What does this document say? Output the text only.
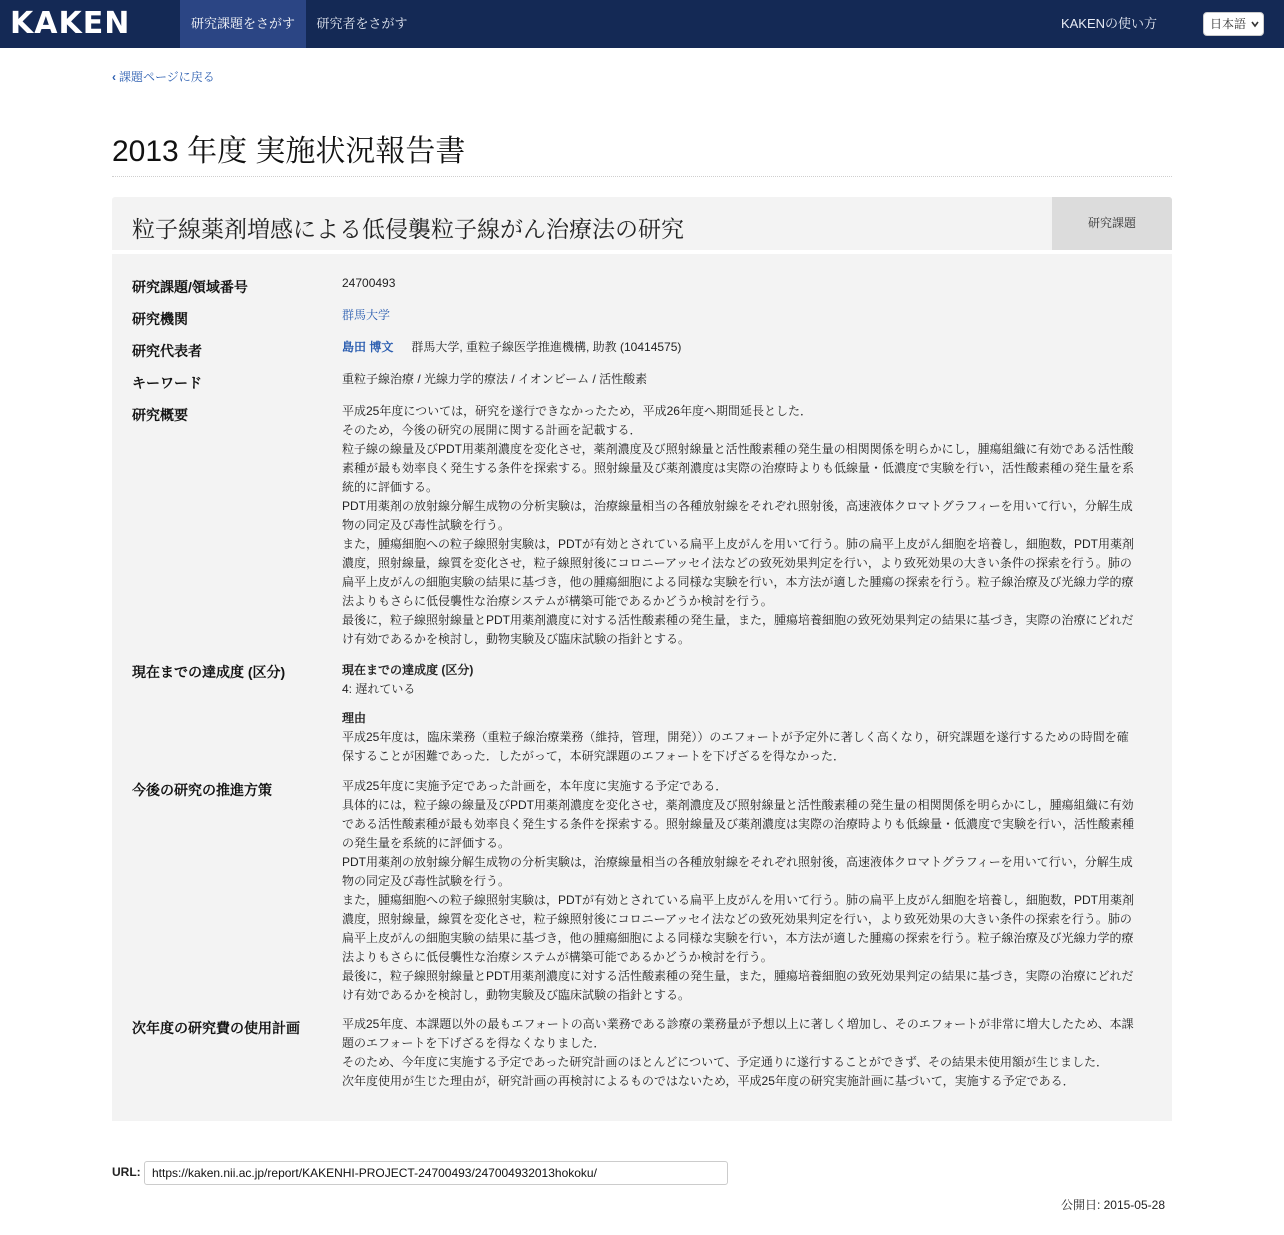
KAKEN	研究課題をさがす	研究者をさがす	KAKENの使い方	日本語
‹ 課題ページに戻る
2013 年度 実施状況報告書
粒子線薬剤増感による低侵襲粒子線がん治療法の研究	研究課題
研究課題/領域番号	24700493
研究機関	群馬大学
研究代表者	島田 博文 群馬大学, 重粒子線医学推進機構, 助教 (10414575)
キーワード	重粒子線治療 / 光線力学的療法 / イオンビーム / 活性酸素
研究概要	平成25年度については，研究を遂行できなかったため，平成26年度へ期間延長とした．
そのため，今後の研究の展開に関する計画を記載する．
粒子線の線量及びPDT用薬剤濃度を変化させ，薬剤濃度及び照射線量と活性酸素種の発生量の相関関係を明らかにし，腫瘍組織に有効である活性酸素種が最も効率良く発生する条件を探索する。照射線量及び薬剤濃度は実際の治療時よりも低線量・低濃度で実験を行い，活性酸素種の発生量を系統的に評価する。
PDT用薬剤の放射線分解生成物の分析実験は，治療線量相当の各種放射線をそれぞれ照射後，高速液体クロマトグラフィーを用いて行い，分解生成物の同定及び毒性試験を行う。
また，腫瘍細胞への粒子線照射実験は，PDTが有効とされている扁平上皮がんを用いて行う。肺の扁平上皮がん細胞を培養し，細胞数，PDT用薬剤濃度，照射線量，線質を変化させ，粒子線照射後にコロニーアッセイ法などの致死効果判定を行い，より致死効果の大きい条件の探索を行う。肺の扁平上皮がんの細胞実験の結果に基づき，他の腫瘍細胞による同様な実験を行い，本方法が適した腫瘍の探索を行う。粒子線治療及び光線力学的療法よりもさらに低侵襲性な治療システムが構築可能であるかどうか検討を行う。
最後に，粒子線照射線量とPDT用薬剤濃度に対する活性酸素種の発生量，また，腫瘍培養細胞の致死効果判定の結果に基づき，実際の治療にどれだけ有効であるかを検討し，動物実験及び臨床試験の指針とする。
現在までの達成度 (区分)	現在までの達成度 (区分)
4: 遅れている
理由
平成25年度は，臨床業務（重粒子線治療業務（維持，管理，開発））のエフォートが予定外に著しく高くなり，研究課題を遂行するための時間を確保することが困難であった．したがって，本研究課題のエフォートを下げざるを得なかった．
今後の研究の推進方策	平成25年度に実施予定であった計画を，本年度に実施する予定である．
具体的には，粒子線の線量及びPDT用薬剤濃度を変化させ，薬剤濃度及び照射線量と活性酸素種の発生量の相関関係を明らかにし，腫瘍組織に有効である活性酸素種が最も効率良く発生する条件を探索する。照射線量及び薬剤濃度は実際の治療時よりも低線量・低濃度で実験を行い，活性酸素種の発生量を系統的に評価する。
PDT用薬剤の放射線分解生成物の分析実験は，治療線量相当の各種放射線をそれぞれ照射後，高速液体クロマトグラフィーを用いて行い，分解生成物の同定及び毒性試験を行う。
また，腫瘍細胞への粒子線照射実験は，PDTが有効とされている扁平上皮がんを用いて行う。肺の扁平上皮がん細胞を培養し，細胞数，PDT用薬剤濃度，照射線量，線質を変化させ，粒子線照射後にコロニーアッセイ法などの致死効果判定を行い，より致死効果の大きい条件の探索を行う。肺の扁平上皮がんの細胞実験の結果に基づき，他の腫瘍細胞による同様な実験を行い，本方法が適した腫瘍の探索を行う。粒子線治療及び光線力学的療法よりもさらに低侵襲性な治療システムが構築可能であるかどうか検討を行う。
最後に，粒子線照射線量とPDT用薬剤濃度に対する活性酸素種の発生量，また，腫瘍培養細胞の致死効果判定の結果に基づき，実際の治療にどれだけ有効であるかを検討し，動物実験及び臨床試験の指針とする。
次年度の研究費の使用計画	平成25年度、本課題以外の最もエフォートの高い業務である診療の業務量が予想以上に著しく増加し、そのエフォートが非常に増大したため、本課題のエフォートを下げざるを得なくなりました．
そのため、今年度に実施する予定であった研究計画のほとんどについて、予定通りに遂行することができず、その結果未使用額が生じました．
次年度使用が生じた理由が，研究計画の再検討によるものではないため，平成25年度の研究実施計画に基づいて，実施する予定である．
URL:
https://kaken.nii.ac.jp/report/KAKENHI-PROJECT-24700493/247004932013hokoku/
公開日: 2015-05-28
